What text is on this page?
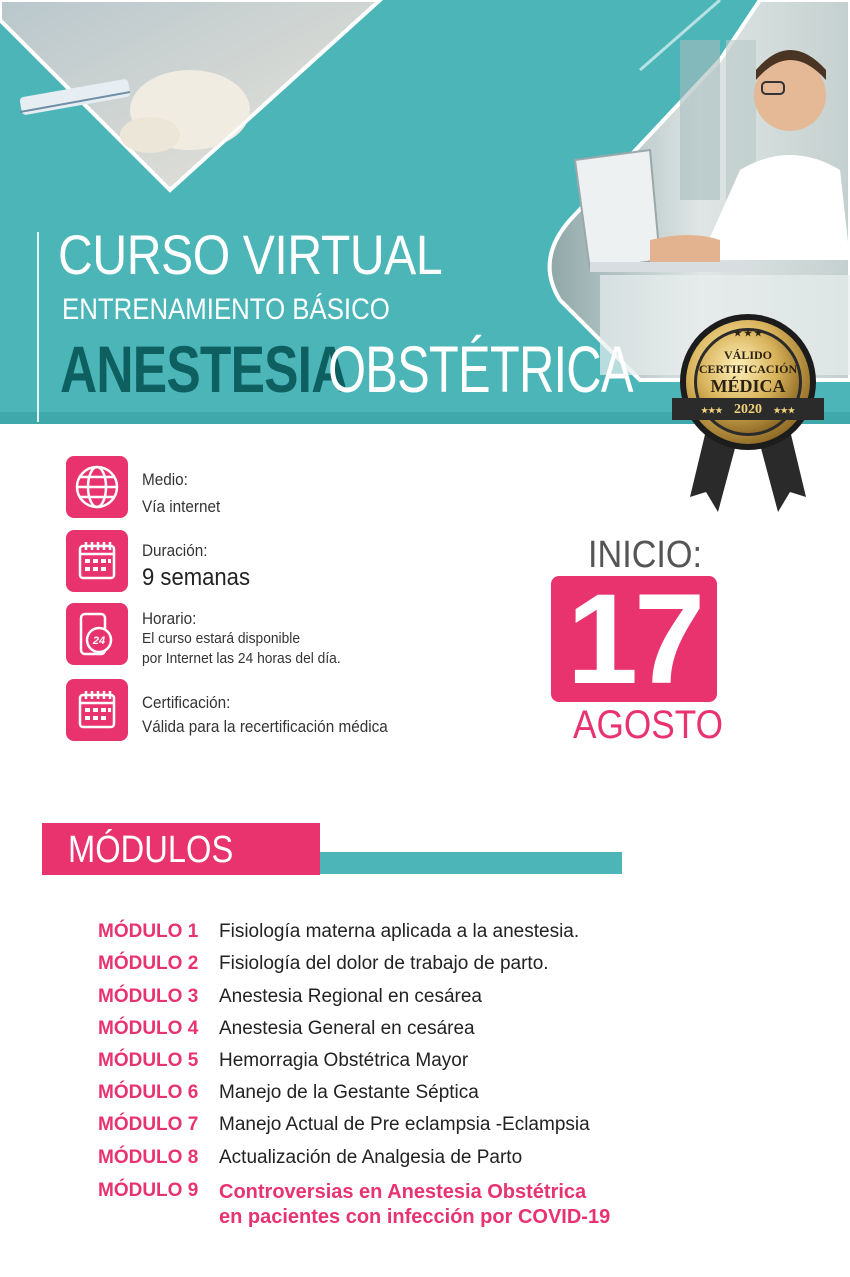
CURSO VIRTUAL
ENTRENAMIENTO BÁSICO
ANESTESIA
OBSTÉTRICA	★ ★ ★
VÁLIDO
CERTIFICACIÓN
MÉDICA
★★★ 2020 ★★★
Medio:
Vía internet
Duración:
9 semanas
24
Horario:
El curso estará disponible
por Internet las 24 horas del día.
Certificación:
Válida para la recertificación médica
INICIO:
17
AGOSTO
MÓDULOS
MÓDULO 1	Fisiología materna aplicada a la anestesia.
MÓDULO 2	Fisiología del dolor de trabajo de parto.
MÓDULO 3	Anestesia Regional en cesárea
MÓDULO 4	Anestesia General en cesárea
MÓDULO 5	Hemorragia Obstétrica Mayor
MÓDULO 6	Manejo de la Gestante Séptica
MÓDULO 7	Manejo Actual de Pre eclampsia -Eclampsia
MÓDULO 8	Actualización de Analgesia de Parto
MÓDULO 9	Controversias en Anestesia Obstétrica
en pacientes con infección por COVID-19
